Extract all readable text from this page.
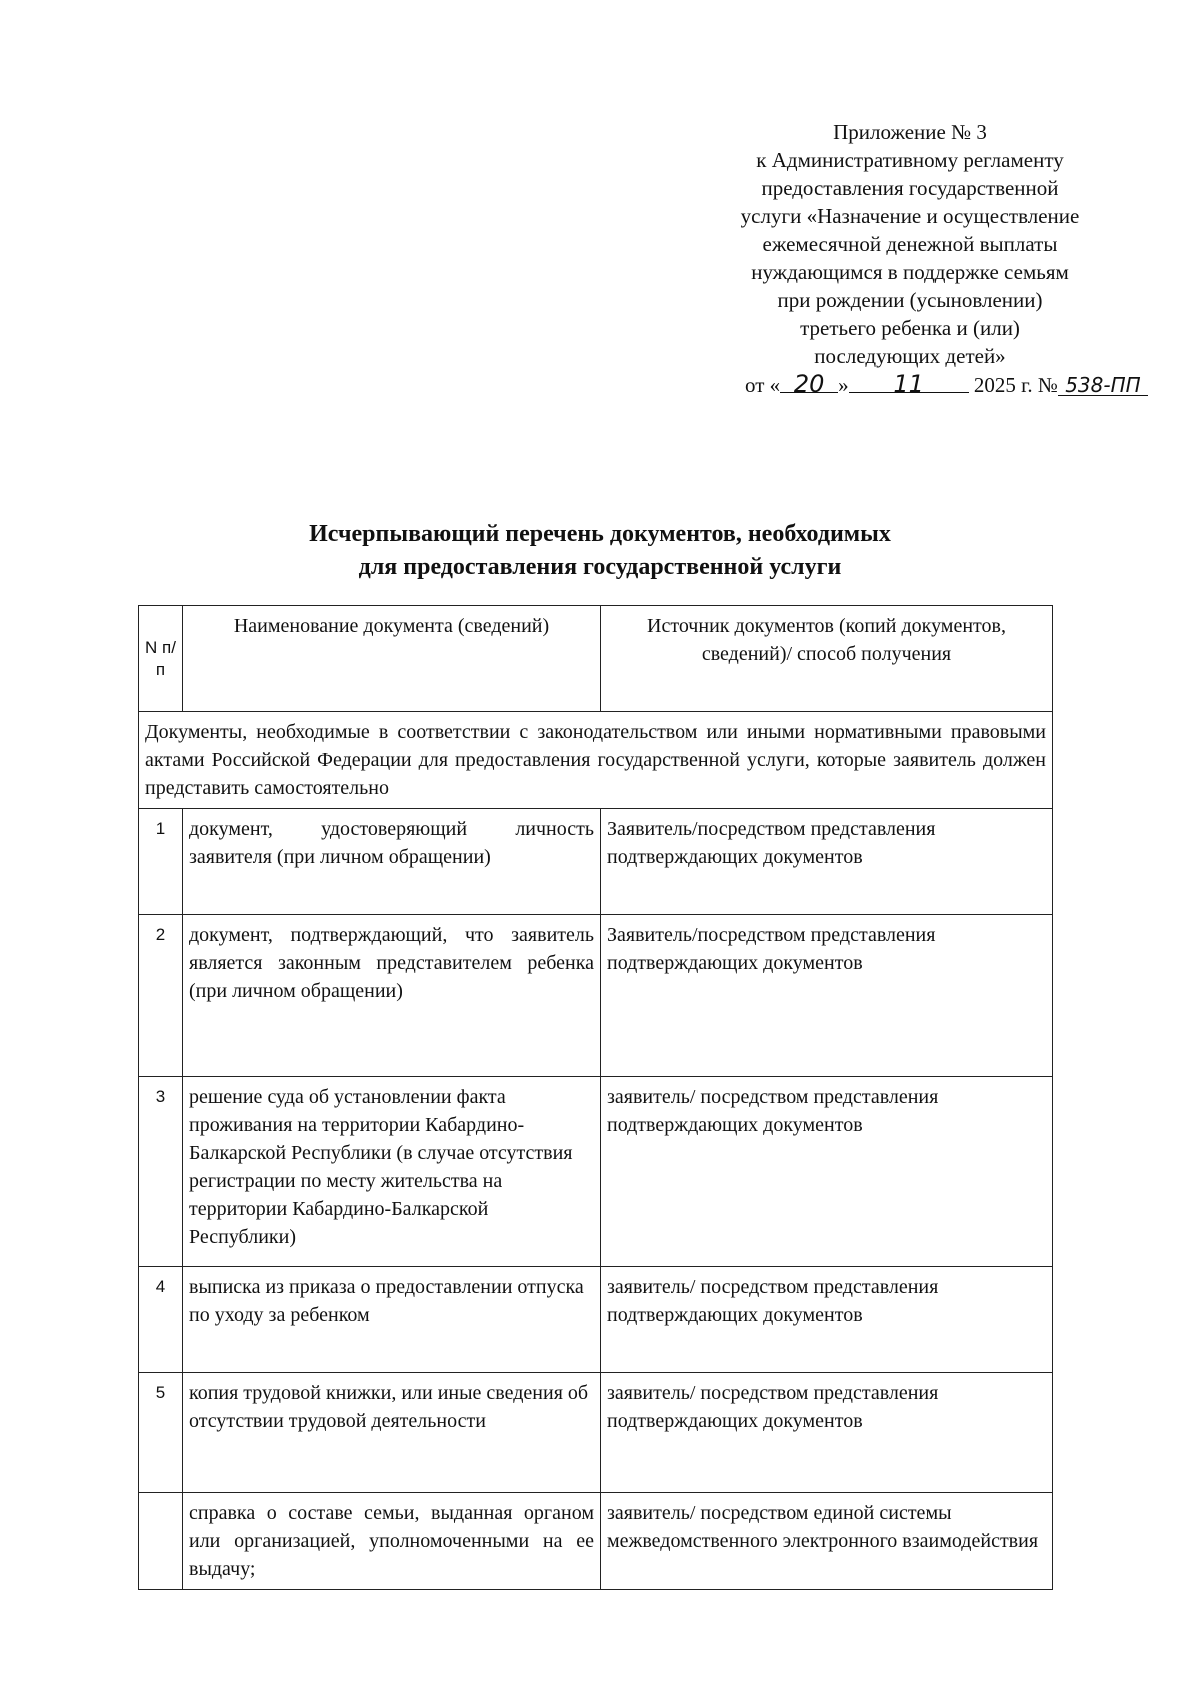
Приложение № 3
к Административному регламенту
предоставления государственной
услуги «Назначение и осуществление
ежемесячной денежной выплаты
нуждающимся в поддержке семьям
при рождении (усыновлении)
третьего ребенка и (или)
последующих детей»
от « 20 » 11 2025 г. № 538-ПП
Исчерпывающий перечень документов, необходимых
для предоставления государственной услуги
N п/п	Наименование документа (сведений)	Источник документов (копий документов, сведений)/ способ получения
Документы, необходимые в соответствии с законодательством или иными нормативными правовыми актами Российской Федерации для предоставления государственной услуги, которые заявитель должен представить самостоятельно		
1	документ, удостоверяющий личность заявителя (при личном обращении)	Заявитель/посредством представления подтверждающих документов
2	документ, подтверждающий, что заявитель является законным представителем ребенка (при личном обращении)	Заявитель/посредством представления подтверждающих документов
3	решение суда об установлении факта проживания на территории Кабардино-Балкарской Республики (в случае отсутствия регистрации по месту жительства на территории Кабардино-Балкарской Республики)	заявитель/ посредством представления подтверждающих документов
4	выписка из приказа о предоставлении отпуска по уходу за ребенком	заявитель/ посредством представления подтверждающих документов
5	копия трудовой книжки, или иные сведения об отсутствии трудовой деятельности	заявитель/ посредством представления подтверждающих документов
	справка о составе семьи, выданная органом или организацией, уполномоченными на ее выдачу;	заявитель/ посредством единой системы межведомственного электронного взаимодействия
